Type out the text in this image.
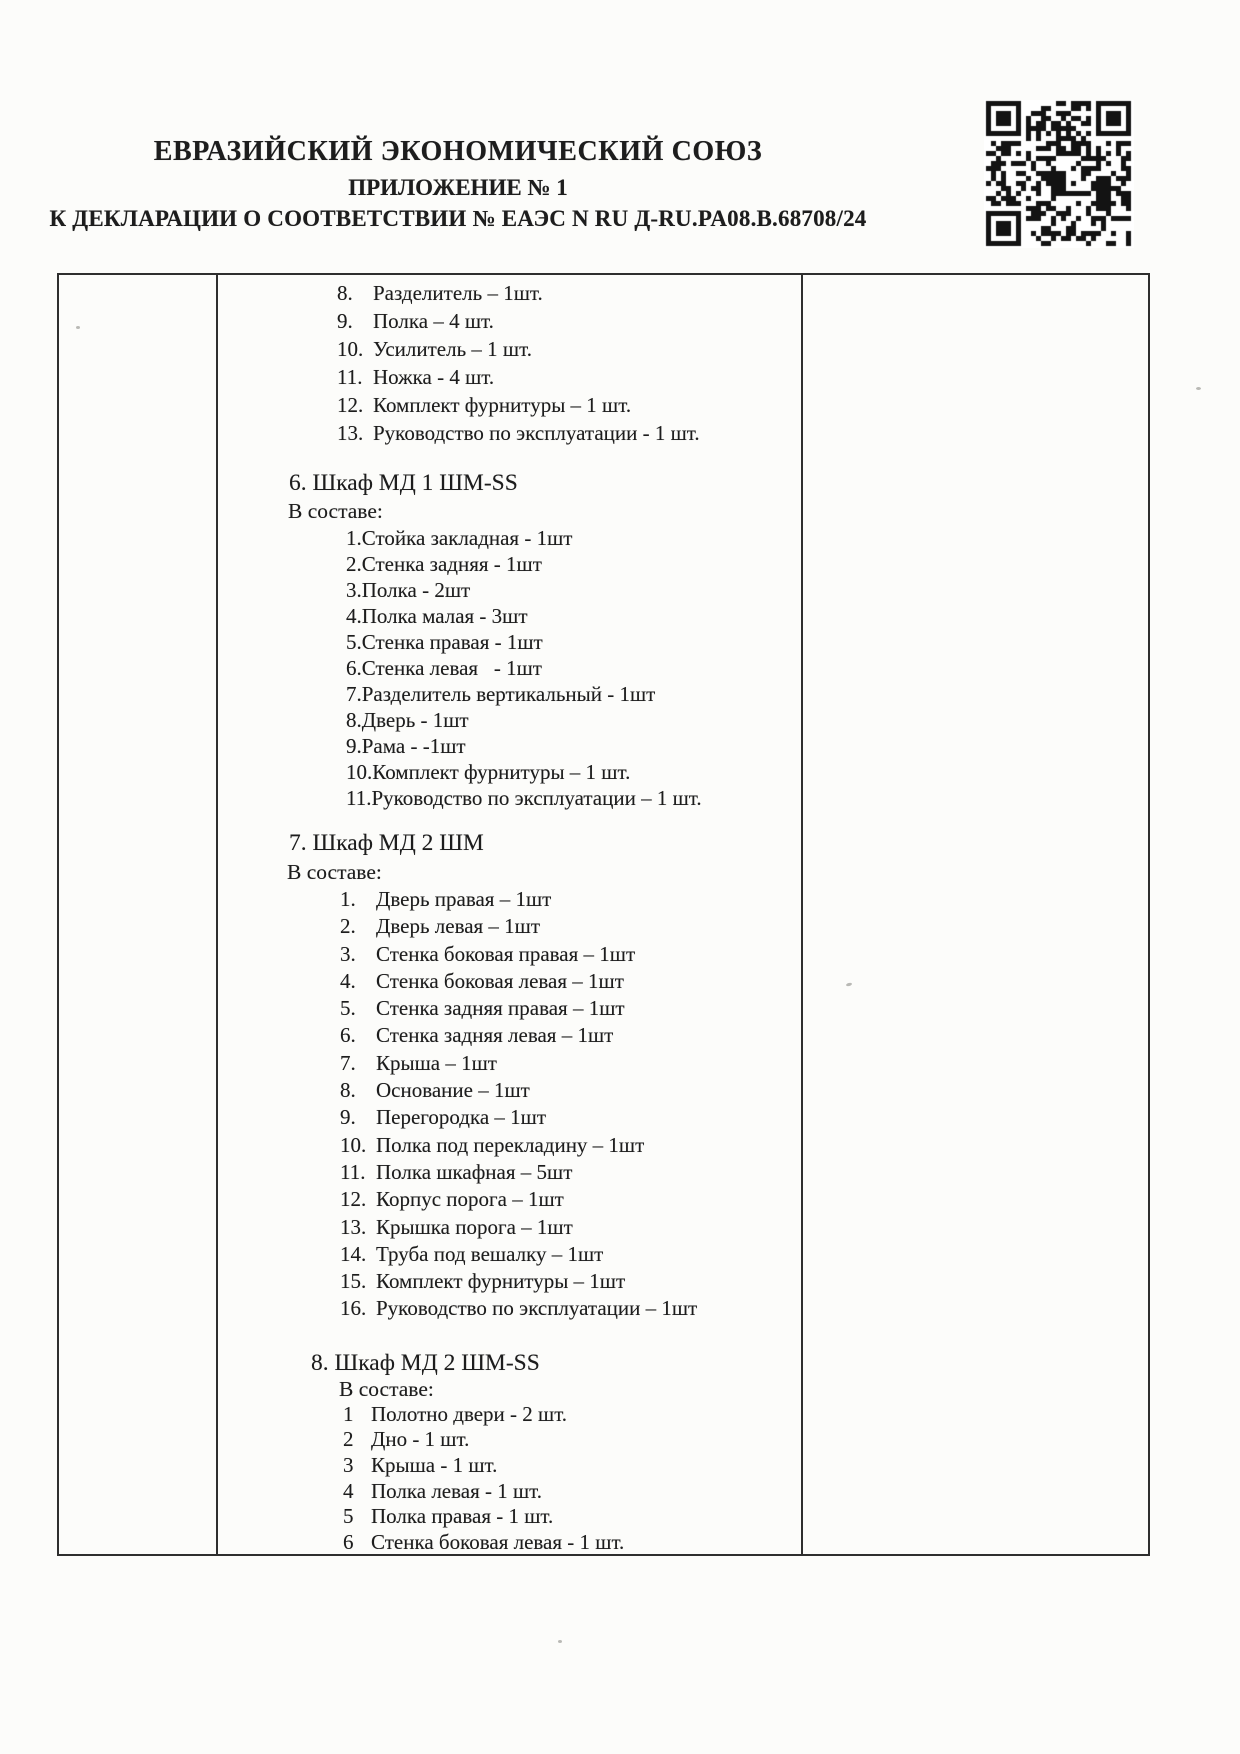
ЕВРАЗИЙСКИЙ ЭКОНОМИЧЕСКИЙ СОЮЗ
ПРИЛОЖЕНИЕ № 1
К ДЕКЛАРАЦИИ О СООТВЕТСТВИИ № ЕАЭС N RU Д-RU.PA08.B.68708/24
8. Разделитель – 1шт.
9. Полка – 4 шт.
10. Усилитель – 1 шт.
11. Ножка - 4 шт.
12. Комплект фурнитуры – 1 шт.
13. Руководство по эксплуатации - 1 шт.
6. Шкаф МД 1 ШМ-SS
В составе:
1.Стойка закладная - 1шт
2.Стенка задняя - 1шт
3.Полка - 2шт
4.Полка малая - 3шт
5.Стенка правая - 1шт
6.Стенка левая   - 1шт
7.Разделитель вертикальный - 1шт
8.Дверь - 1шт
9.Рама - -1шт
10.Комплект фурнитуры – 1 шт.
11.Руководство по эксплуатации – 1 шт.
7. Шкаф МД 2 ШМ
В составе:
1. Дверь правая – 1шт
2. Дверь левая – 1шт
3. Стенка боковая правая – 1шт
4. Стенка боковая левая – 1шт
5. Стенка задняя правая – 1шт
6. Стенка задняя левая – 1шт
7. Крыша – 1шт
8. Основание – 1шт
9. Перегородка – 1шт
10. Полка под перекладину – 1шт
11. Полка шкафная – 5шт
12. Корпус порога – 1шт
13. Крышка порога – 1шт
14. Труба под вешалку – 1шт
15. Комплект фурнитуры – 1шт
16. Руководство по эксплуатации – 1шт
8. Шкаф МД 2 ШМ-SS
В составе:
1 Полотно двери - 2 шт.
2 Дно - 1 шт.
3 Крыша - 1 шт.
4 Полка левая - 1 шт.
5 Полка правая - 1 шт.
6 Стенка боковая левая - 1 шт.
